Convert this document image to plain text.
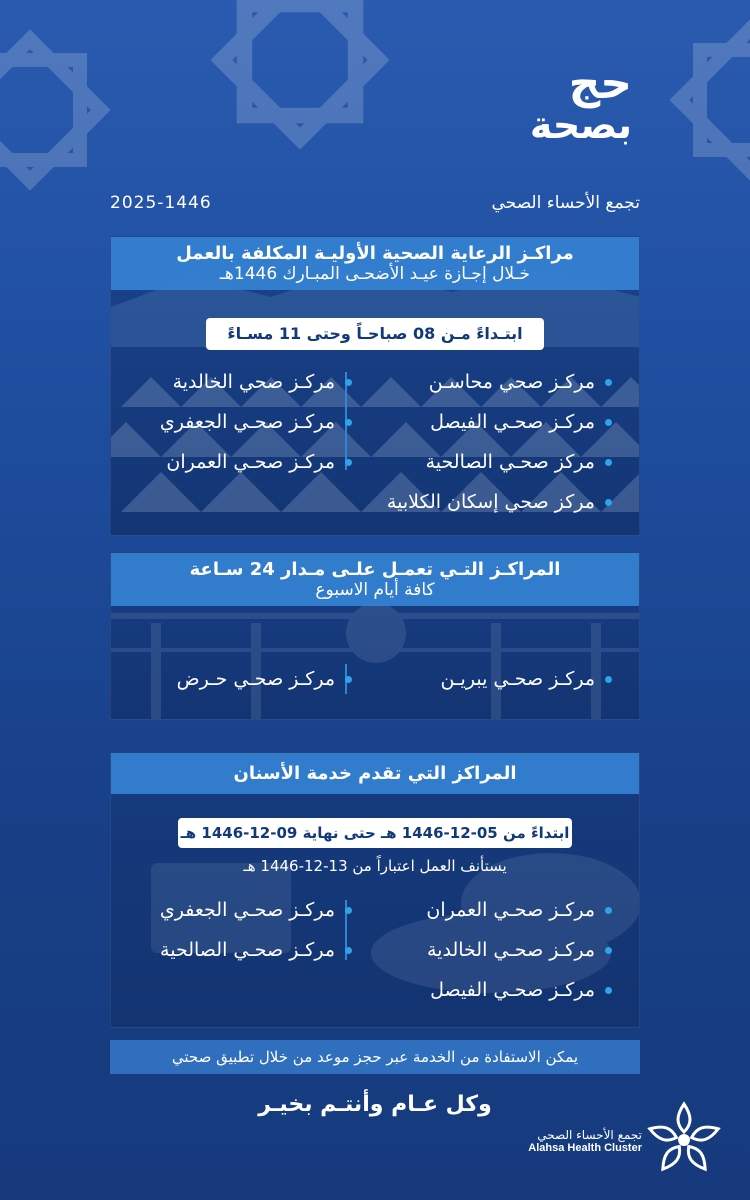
حج
بصحة
2025-1446	تجمع الأحساء الصحي
مراكـز الرعاية الصحية الأوليـة المكلفة بالعمل
خـلال إجـازة عيـد الأضحـى المبـارك 1446هـ
ابتـداءً مـن 08 صباحـاً وحتى 11 مسـاءً
مركـز صحي محاسـن
مركـز صحـي الفيصل
مركز صحـي الصالحية
مركز صحي إسكان الكلابية
مركـز صحي الخالدية
مركـز صحـي الجعفري
مركـز صحـي العمران
المراكـز التـي تعمـل علـى مـدار 24 سـاعة
كافة أيام الاسبوع
مركـز صحـي يبريـن
مركـز صحـي حـرض
المراكز التي تقدم خدمة الأسنان
ابتداءً من 05-12-1446 هـ حتى نهاية 09-12-1446 هـ
يستأنف العمل اعتباراً من 13-12-1446 هـ
مركـز صحـي العمران
مركـز صحـي الخالدية
مركـز صحـي الفيصل
مركـز صحـي الجعفري
مركـز صحـي الصالحية
يمكن الاستفادة من الخدمة عبر حجز موعد من خلال تطبيق صحتي
وكل عـام وأنتـم بخيـر
تجمع الأحساء الصحي
Alahsa Health Cluster
